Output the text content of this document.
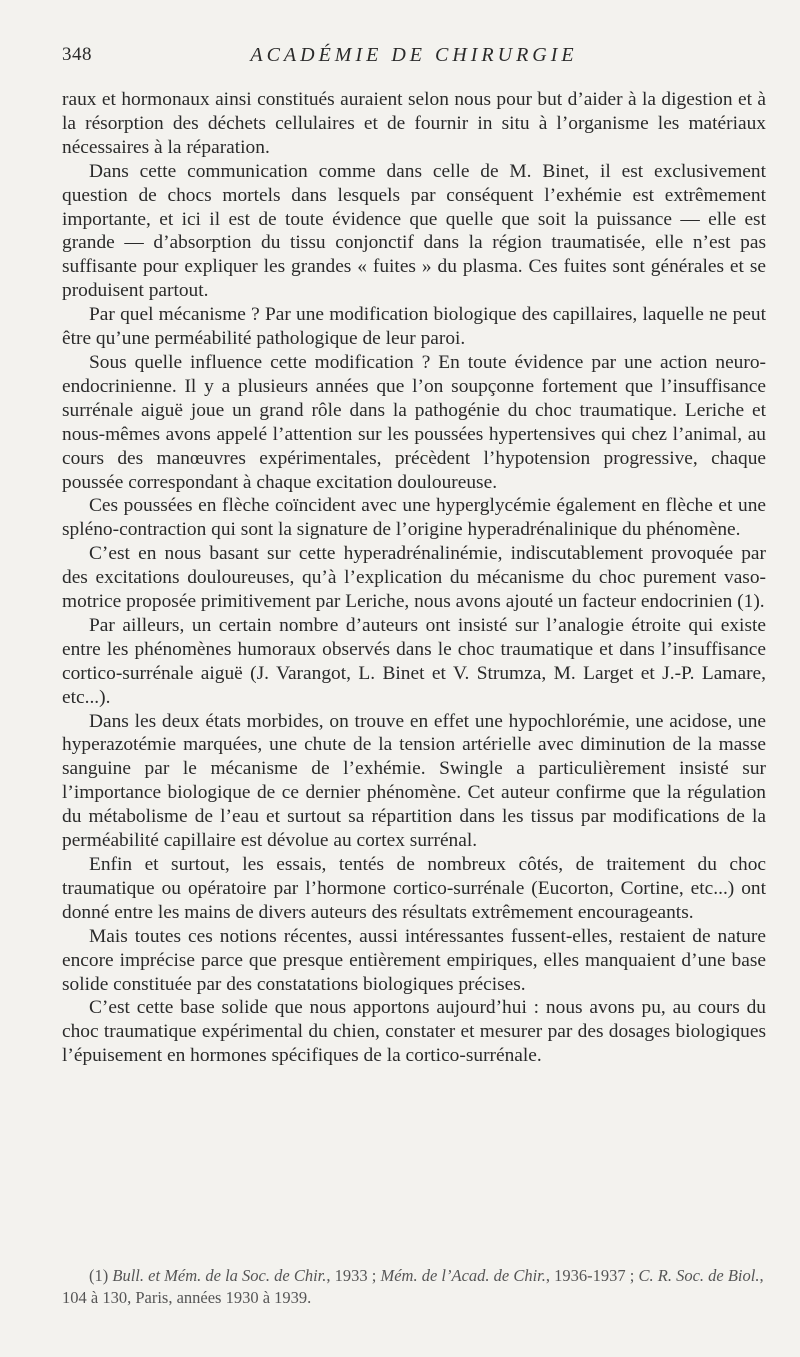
348	ACADÉMIE DE CHIRURGIE

raux et hormonaux ainsi constitués auraient selon nous pour but d’aider à la digestion et à la résorption des déchets cellulaires et de fournir in situ à l’organisme les matériaux nécessaires à la réparation.

Dans cette communication comme dans celle de M. Binet, il est exclusivement question de chocs mortels dans lesquels par conséquent l’exhémie est extrêmement importante, et ici il est de toute évidence que quelle que soit la puissance — elle est grande — d’absorption du tissu conjonctif dans la région traumatisée, elle n’est pas suffisante pour expliquer les grandes « fuites » du plasma. Ces fuites sont générales et se produisent partout.

Par quel mécanisme ? Par une modification biologique des capillaires, laquelle ne peut être qu’une perméabilité pathologique de leur paroi.

Sous quelle influence cette modification ? En toute évidence par une action neuro-endocrinienne. Il y a plusieurs années que l’on soupçonne fortement que l’insuffisance surrénale aiguë joue un grand rôle dans la pathogénie du choc traumatique. Leriche et nous-mêmes avons appelé l’attention sur les poussées hypertensives qui chez l’animal, au cours des manœuvres expérimentales, précèdent l’hypotension progressive, chaque poussée correspondant à chaque excitation douloureuse.

Ces poussées en flèche coïncident avec une hyperglycémie également en flèche et une spléno-contraction qui sont la signature de l’origine hyperadrénalinique du phénomène.

C’est en nous basant sur cette hyperadrénalinémie, indiscutablement provoquée par des excitations douloureuses, qu’à l’explication du mécanisme du choc purement vaso-motrice proposée primitivement par Leriche, nous avons ajouté un facteur endocrinien (1).

Par ailleurs, un certain nombre d’auteurs ont insisté sur l’analogie étroite qui existe entre les phénomènes humoraux observés dans le choc traumatique et dans l’insuffisance cortico-surrénale aiguë (J. Varangot, L. Binet et V. Strumza, M. Larget et J.-P. Lamare, etc...).

Dans les deux états morbides, on trouve en effet une hypochlorémie, une acidose, une hyperazotémie marquées, une chute de la tension artérielle avec diminution de la masse sanguine par le mécanisme de l’exhémie. Swingle a particulièrement insisté sur l’importance biologique de ce dernier phénomène. Cet auteur confirme que la régulation du métabolisme de l’eau et surtout sa répartition dans les tissus par modifications de la perméabilité capillaire est dévolue au cortex surrénal.

Enfin et surtout, les essais, tentés de nombreux côtés, de traitement du choc traumatique ou opératoire par l’hormone cortico-surrénale (Eucorton, Cortine, etc...) ont donné entre les mains de divers auteurs des résultats extrêmement encourageants.

Mais toutes ces notions récentes, aussi intéressantes fussent-elles, restaient de nature encore imprécise parce que presque entièrement empiriques, elles manquaient d’une base solide constituée par des constatations biologiques précises.

C’est cette base solide que nous apportons aujourd’hui : nous avons pu, au cours du choc traumatique expérimental du chien, constater et mesurer par des dosages biologiques l’épuisement en hormones spécifiques de la cortico-surrénale.

(1) Bull. et Mém. de la Soc. de Chir., 1933 ; Mém. de l’Acad. de Chir., 1936-1937 ; C. R. Soc. de Biol., 104 à 130, Paris, années 1930 à 1939.
